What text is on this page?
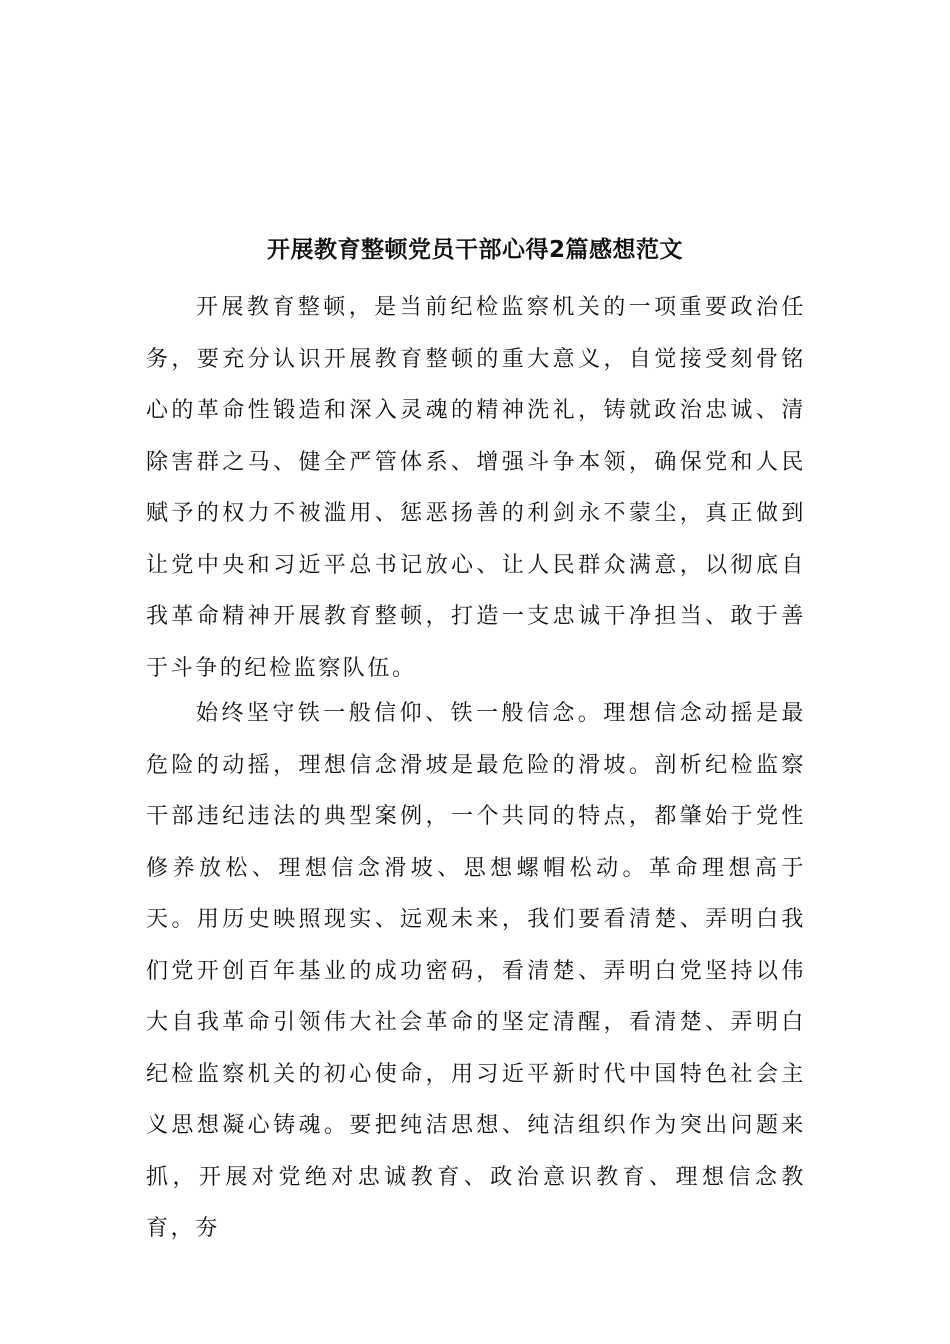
开展教育整顿党员干部心得2篇感想范文

开展教育整顿，是当前纪检监察机关的一项重要政治任务，要充分认识开展教育整顿的重大意义，自觉接受刻骨铭心的革命性锻造和深入灵魂的精神洗礼，铸就政治忠诚、清除害群之马、健全严管体系、增强斗争本领，确保党和人民赋予的权力不被滥用、惩恶扬善的利剑永不蒙尘，真正做到让党中央和习近平总书记放心、让人民群众满意，以彻底自我革命精神开展教育整顿，打造一支忠诚干净担当、敢于善于斗争的纪检监察队伍。

始终坚守铁一般信仰、铁一般信念。理想信念动摇是最危险的动摇，理想信念滑坡是最危险的滑坡。剖析纪检监察干部违纪违法的典型案例，一个共同的特点，都肇始于党性修养放松、理想信念滑坡、思想螺帽松动。革命理想高于天。用历史映照现实、远观未来，我们要看清楚、弄明白我们党开创百年基业的成功密码，看清楚、弄明白党坚持以伟大自我革命引领伟大社会革命的坚定清醒，看清楚、弄明白纪检监察机关的初心使命，用习近平新时代中国特色社会主义思想凝心铸魂。要把纯洁思想、纯洁组织作为突出问题来抓，开展对党绝对忠诚教育、政治意识教育、理想信念教育，夯
